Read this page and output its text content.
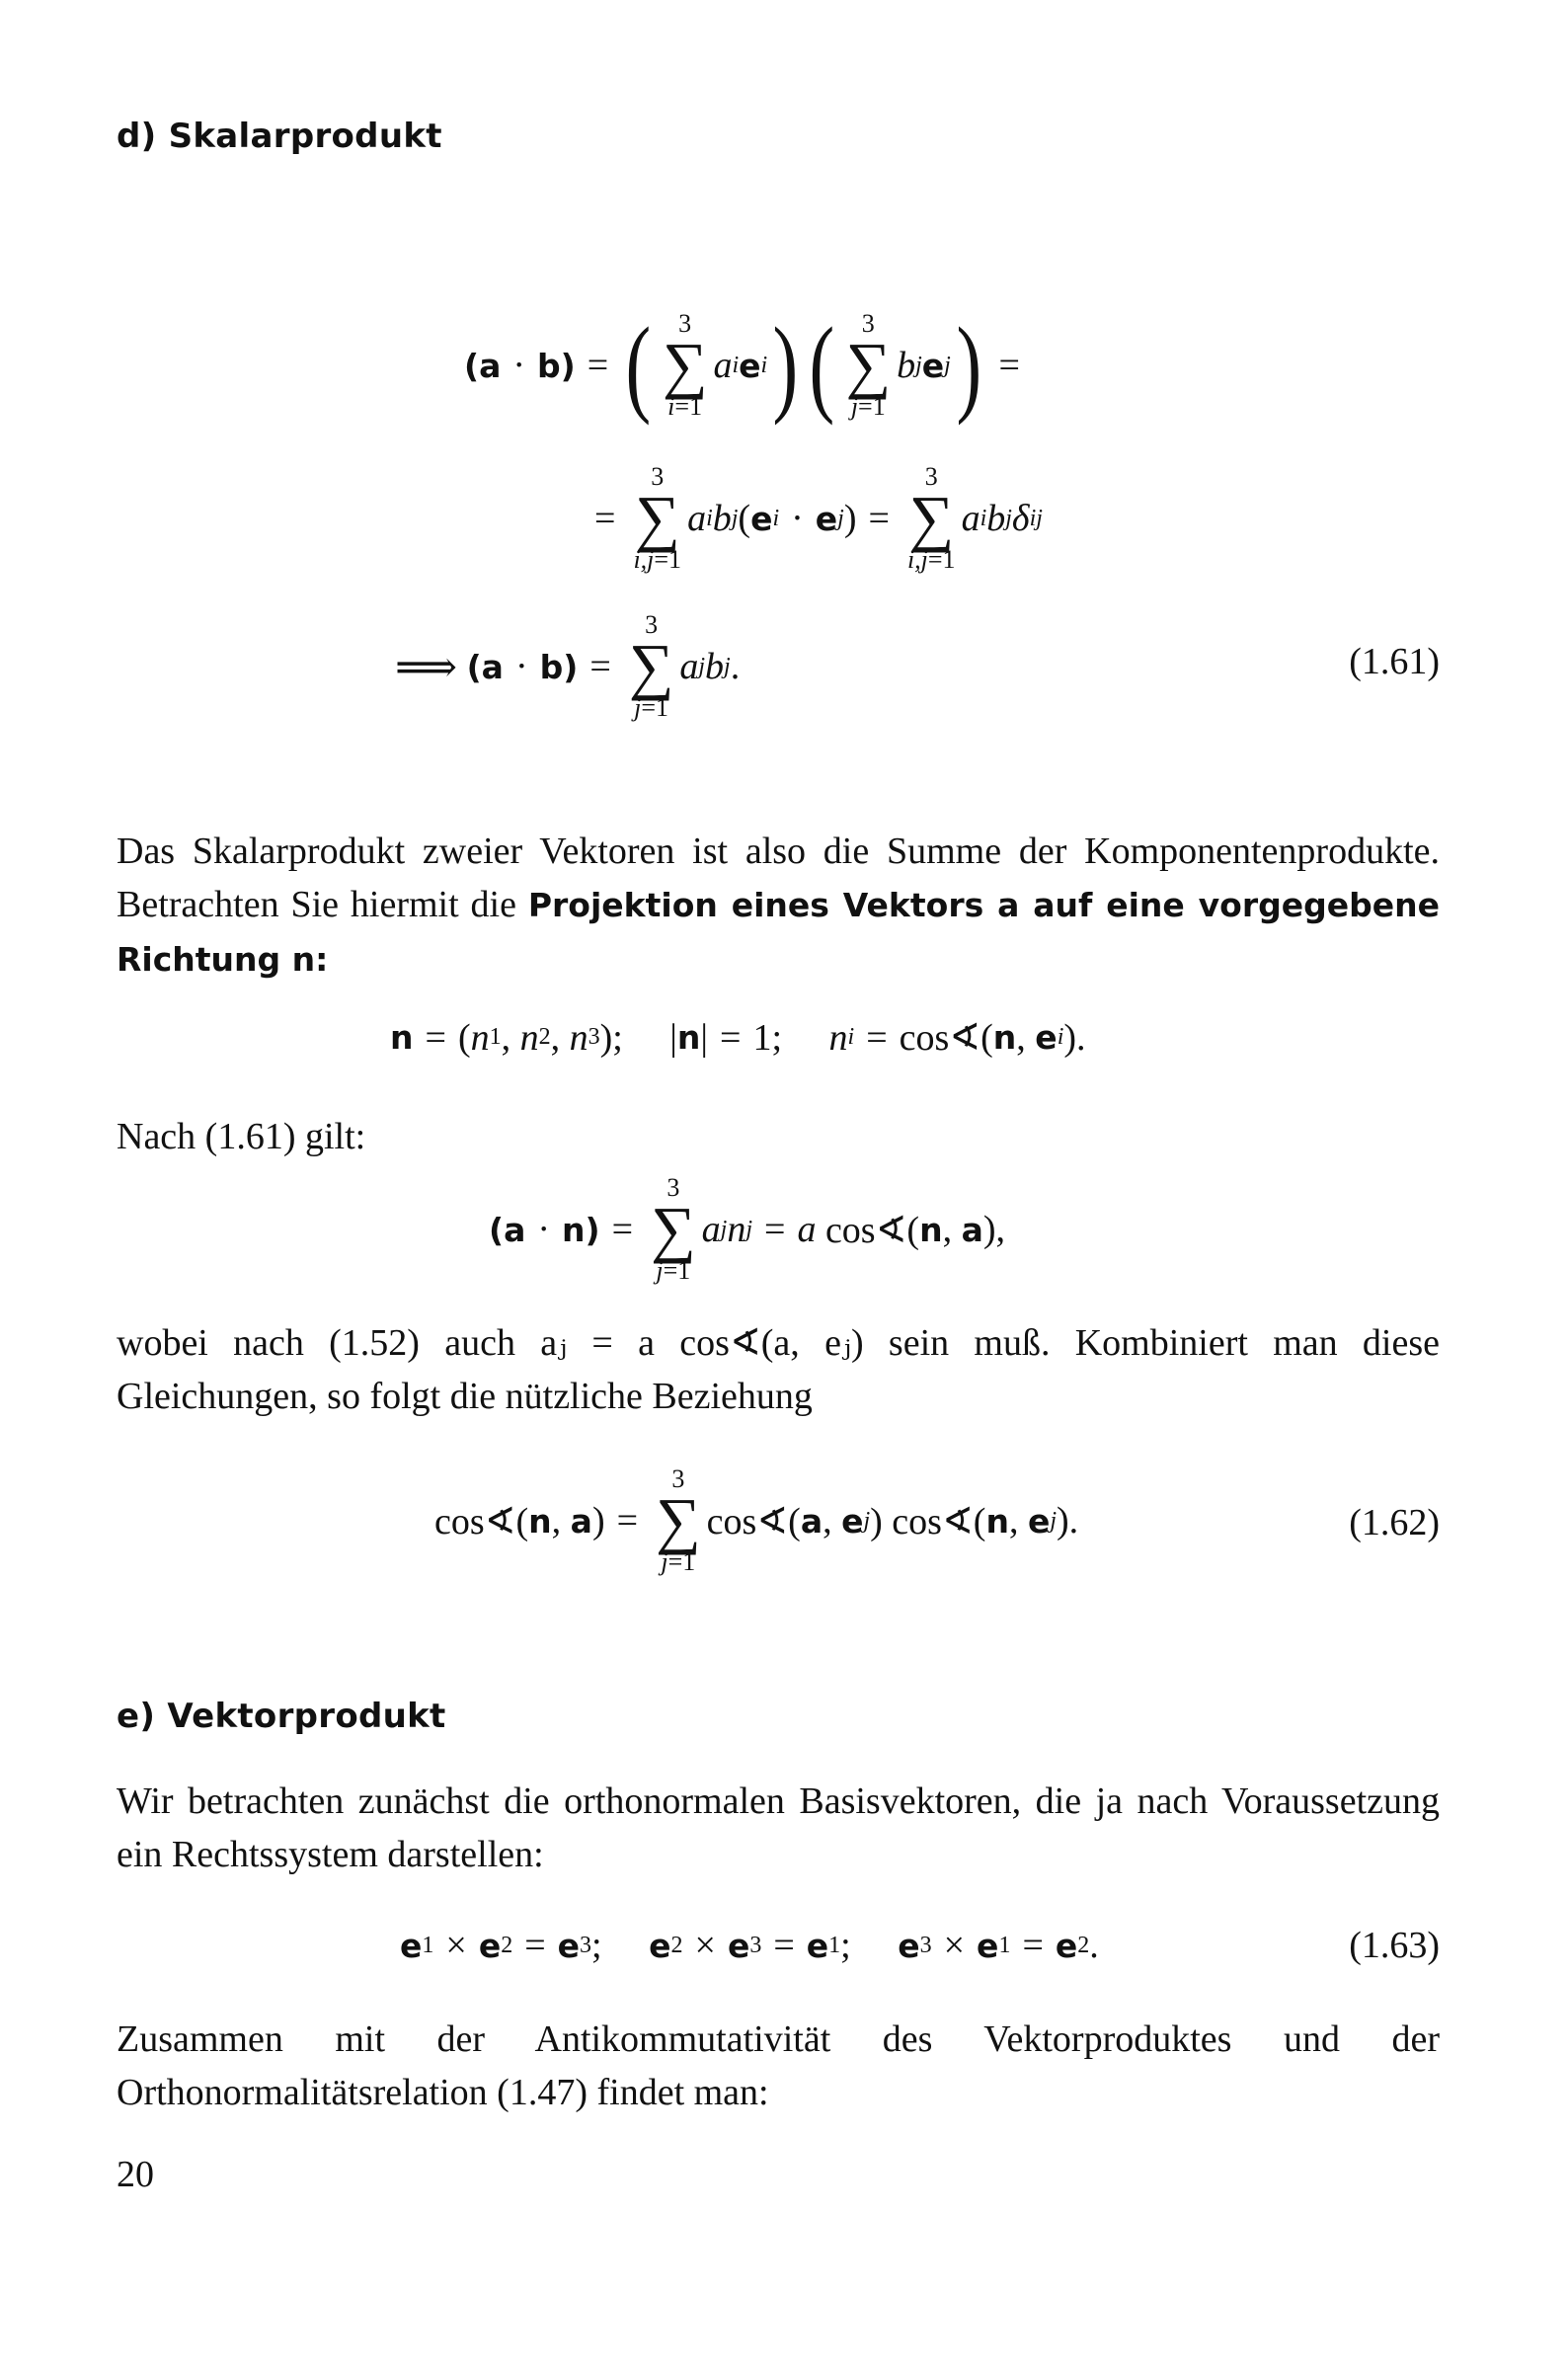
d) Skalarprodukt
(a · b) = ( 3
∑
i=1
a i e i ) ( 3
∑
j=1
b j e j ) =
=
3
∑
i,j=1
a i b j ( e i · e j ) =
3
∑
i,j=1
a i b j δ ij
⟹
(a · b) =
3
∑
j=1
a j b j .	(1.61)
Das Skalarprodukt zweier Vektoren ist also die Summe der Komponentenprodukte. Betrachten Sie hiermit die Projektion eines Vektors a auf eine vorgegebene Richtung n:
n = ( n 1 , n 2 , n 3 );     | n | = 1; n i = cos∢( n , e i ).
Nach (1.61) gilt:
(a · n) =
3
∑
j=1
a j n j = a cos∢( n , a ),
wobei nach (1.52) auch aⱼ = a cos∢(a, eⱼ) sein muß. Kombiniert man diese Gleichungen, so folgt die nützliche Beziehung
cos∢( n , a ) =
3
∑
j=1
cos∢( a , e j ) cos∢( n , e j ).	(1.62)
e) Vektorprodukt
Wir betrachten zunächst die orthonormalen Basisvektoren, die ja nach Voraussetzung ein Rechtssystem darstellen:
e 1 × e 2 = e 3 ; e 2 × e 3 = e 1 ; e 3 × e 1 = e 2 .	(1.63)
Zusammen mit der Antikommutativität des Vektorproduktes und der Orthonormalitätsrelation (1.47) findet man:
20
